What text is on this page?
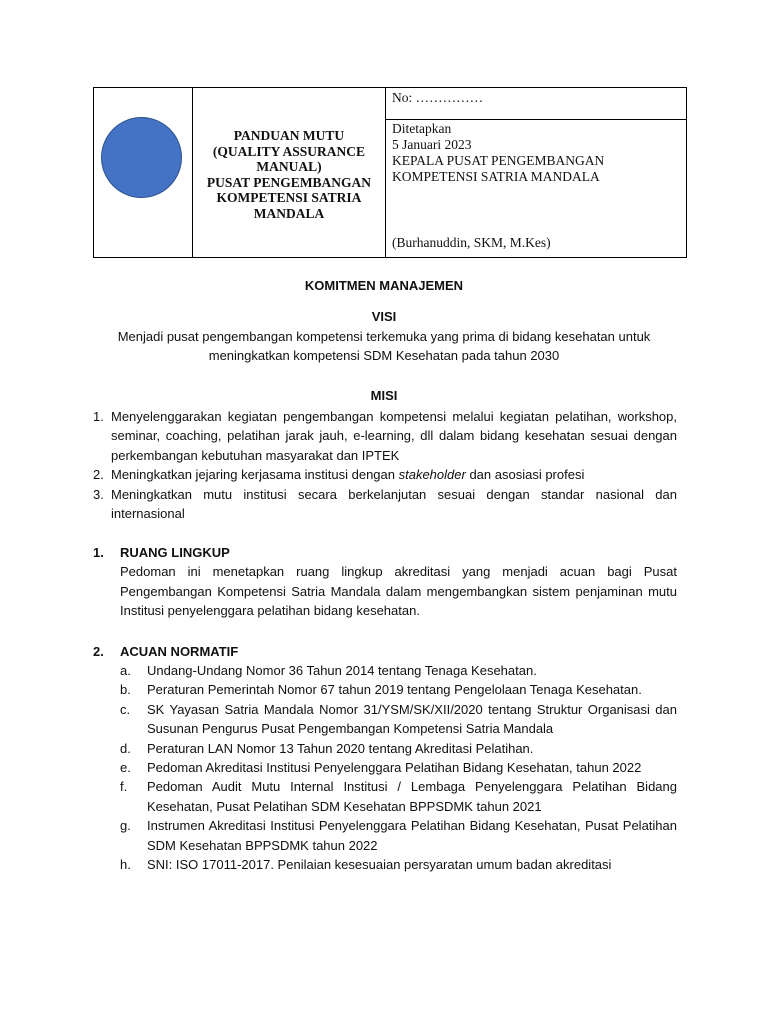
PANDUAN MUTU
(QUALITY ASSURANCE
MANUAL)
PUSAT PENGEMBANGAN
KOMPETENSI SATRIA
MANDALA
No: ……………
Ditetapkan
5 Januari 2023
KEPALA PUSAT PENGEMBANGAN
KOMPETENSI SATRIA MANDALA
(Burhanuddin, SKM, M.Kes)
KOMITMEN MANAJEMEN
VISI
Menjadi pusat pengembangan kompetensi terkemuka yang prima di bidang kesehatan untuk
meningkatkan kompetensi SDM Kesehatan pada tahun 2030
MISI
1. Menyelenggarakan kegiatan pengembangan kompetensi melalui kegiatan pelatihan, workshop, seminar, coaching, pelatihan jarak jauh, e-learning, dll dalam bidang kesehatan sesuai dengan perkembangan kebutuhan masyarakat dan IPTEK
2. Meningkatkan jejaring kerjasama institusi dengan stakeholder dan asosiasi profesi
3. Meningkatkan mutu institusi secara berkelanjutan sesuai dengan standar nasional dan internasional
1. RUANG LINGKUP
Pedoman ini menetapkan ruang lingkup akreditasi yang menjadi acuan bagi Pusat Pengembangan Kompetensi Satria Mandala dalam mengembangkan sistem penjaminan mutu Institusi penyelenggara pelatihan bidang kesehatan.
2. ACUAN NORMATIF
a. Undang-Undang Nomor 36 Tahun 2014 tentang Tenaga Kesehatan.
b. Peraturan Pemerintah Nomor 67 tahun 2019 tentang Pengelolaan Tenaga Kesehatan.
c. SK Yayasan Satria Mandala Nomor 31/YSM/SK/XII/2020 tentang Struktur Organisasi dan Susunan Pengurus Pusat Pengembangan Kompetensi Satria Mandala
d. Peraturan LAN Nomor 13 Tahun 2020 tentang Akreditasi Pelatihan.
e. Pedoman Akreditasi Institusi Penyelenggara Pelatihan Bidang Kesehatan, tahun 2022
f. Pedoman Audit Mutu Internal Institusi / Lembaga Penyelenggara Pelatihan Bidang Kesehatan, Pusat Pelatihan SDM Kesehatan BPPSDMK tahun 2021
g. Instrumen Akreditasi Institusi Penyelenggara Pelatihan Bidang Kesehatan, Pusat Pelatihan SDM Kesehatan BPPSDMK tahun 2022
h. SNI: ISO 17011-2017. Penilaian kesesuaian persyaratan umum badan akreditasi
